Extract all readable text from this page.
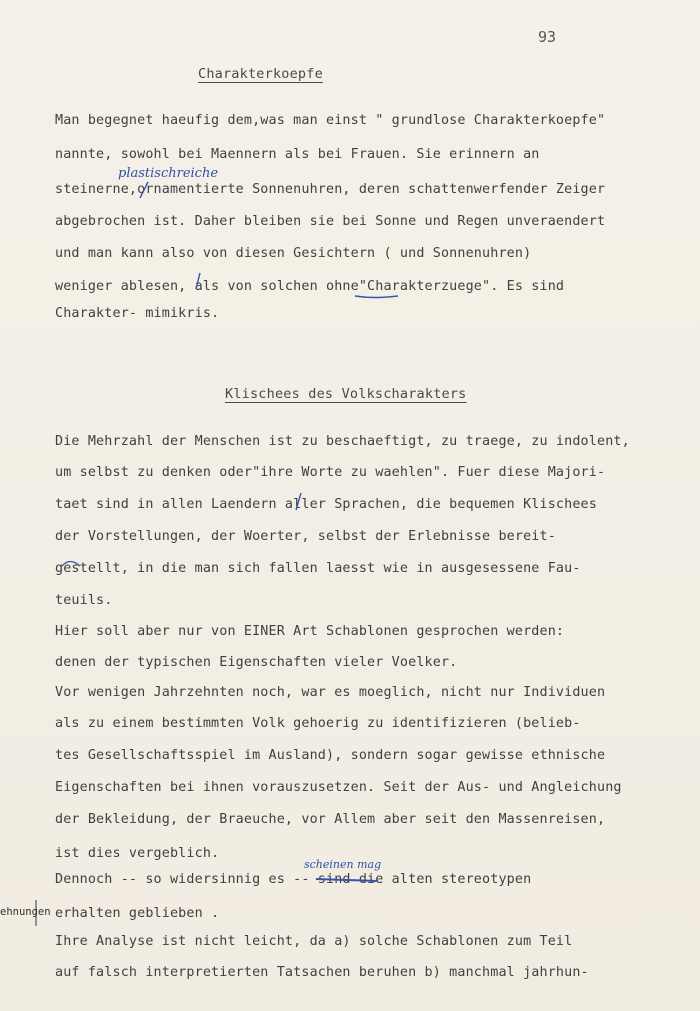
93
Charakterkoepfe
Man begegnet haeufig dem,was man einst " grundlose Charakterkoepfe"
nannte, sowohl bei Maennern als bei Frauen. Sie erinnern an
plastischreiche
steinerne,ornamentierte Sonnenuhren, deren schattenwerfender Zeiger
abgebrochen ist. Daher bleiben sie bei Sonne und Regen unveraendert
und man kann also von diesen Gesichtern ( und Sonnenuhren)
weniger ablesen, als von solchen ohne"Charakterzuege". Es sind
Charakter- mimikris.
Klischees des Volkscharakters
Die Mehrzahl der Menschen ist zu beschaeftigt, zu traege, zu indolent,
um selbst zu denken oder"ihre Worte zu waehlen". Fuer diese Majori-
taet sind in allen Laendern aller Sprachen, die bequemen Klischees
der Vorstellungen, der Woerter, selbst der Erlebnisse bereit-
gestellt, in die man sich fallen laesst wie in ausgesessene Fau-
teuils.
Hier soll aber nur von EINER Art Schablonen gesprochen werden:
denen der typischen Eigenschaften vieler Voelker.
Vor wenigen Jahrzehnten noch, war es moeglich, nicht nur Individuen
als zu einem bestimmten Volk gehoerig zu identifizieren (belieb-
tes Gesellschaftsspiel im Ausland), sondern sogar gewisse ethnische
Eigenschaften bei ihnen vorauszusetzen. Seit der Aus- und Angleichung
der Bekleidung, der Braeuche, vor Allem aber seit den Massenreisen,
ist dies vergeblich.
scheinen mag
Dennoch -- so widersinnig es -- sind die alten stereotypen
ehnungen erhalten geblieben .
Ihre Analyse ist nicht leicht, da a) solche Schablonen zum Teil
auf falsch interpretierten Tatsachen beruhen b) manchmal jahrhun-
